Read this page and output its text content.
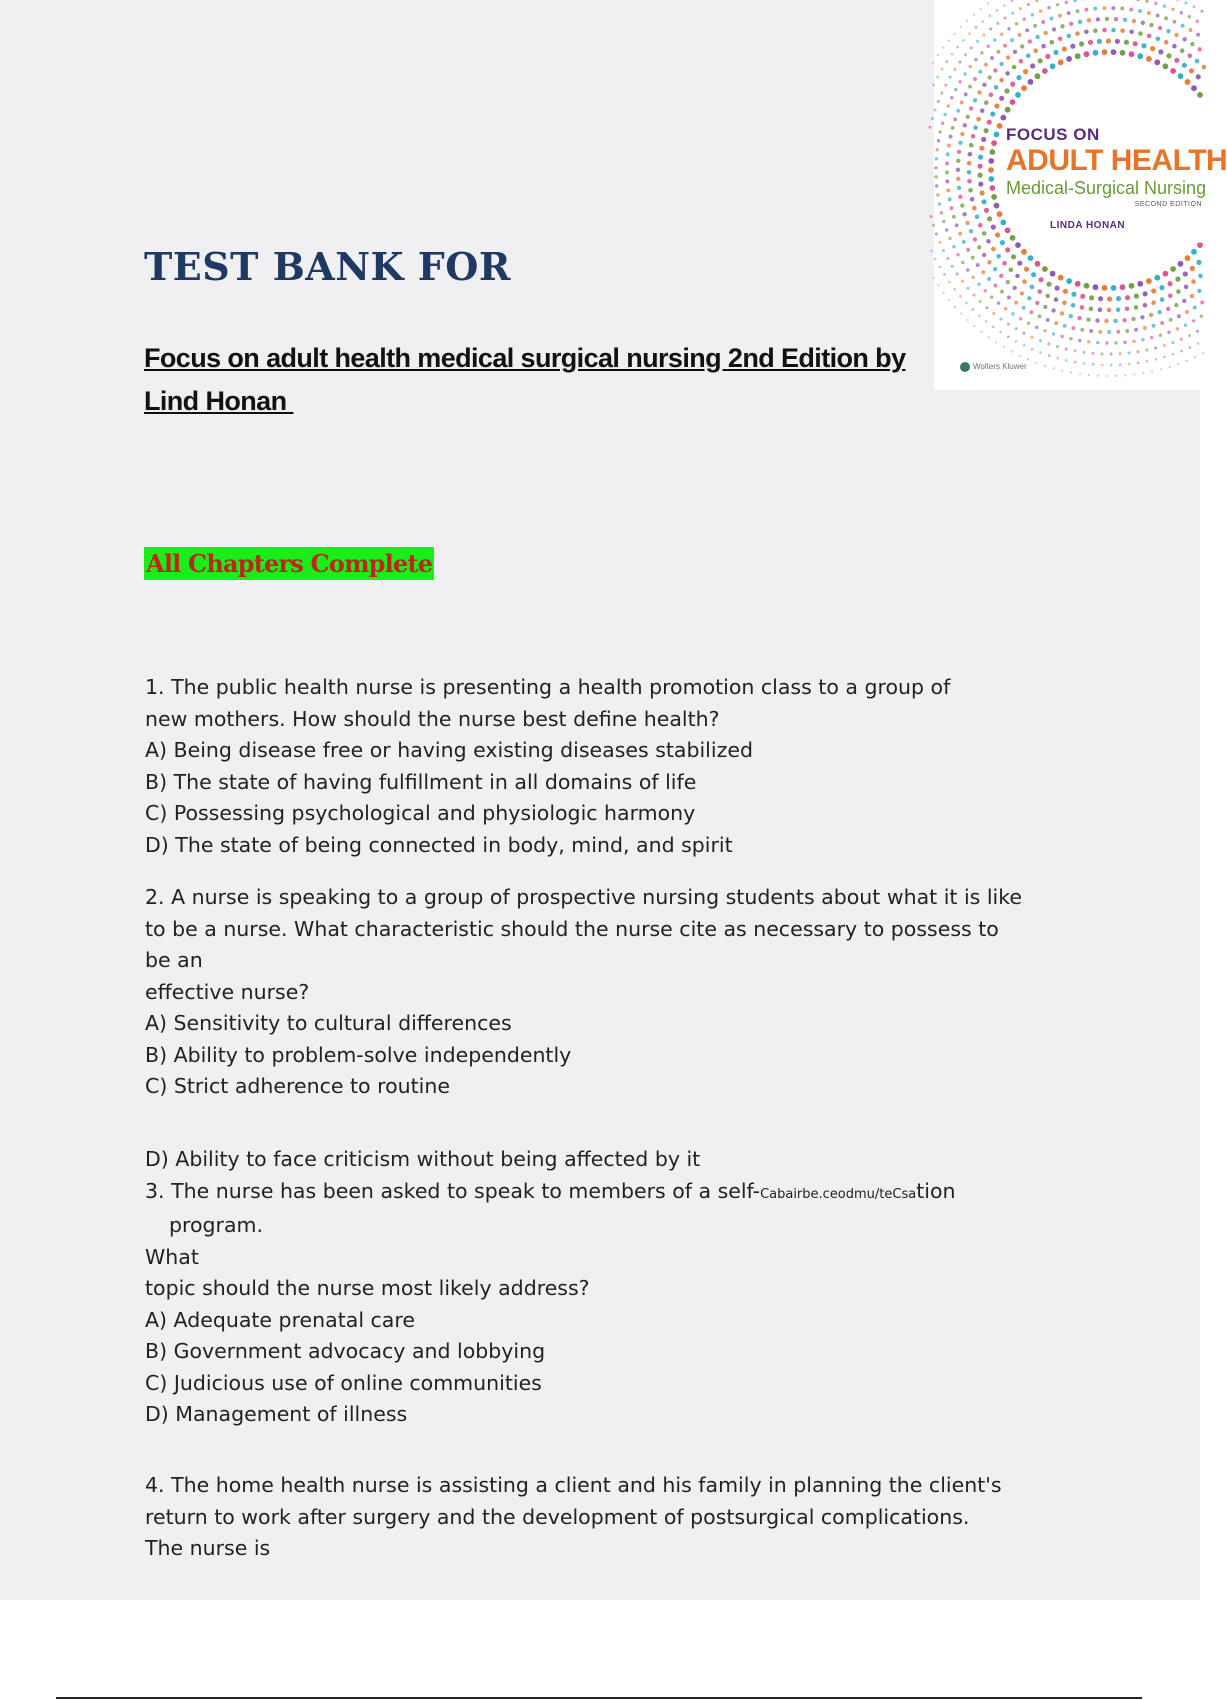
FOCUS ON
ADULT HEALTH
Medical-Surgical Nursing
SECOND EDITION
LINDA HONAN
Wolters Kluwer
TEST BANK FOR
Focus on adult health medical surgical nursing 2nd Edition by
Lind Honan
All Chapters Complete
1. The public health nurse is presenting a health promotion class to a group of
new mothers. How should the nurse best define health?
A) Being disease free or having existing diseases stabilized
B) The state of having fulfillment in all domains of life
C) Possessing psychological and physiologic harmony
D) The state of being connected in body, mind, and spirit
2. A nurse is speaking to a group of prospective nursing students about what it is like
to be a nurse. What characteristic should the nurse cite as necessary to possess to
be an
effective nurse?
A) Sensitivity to cultural differences
B) Ability to problem-solve independently
C) Strict adherence to routine
D) Ability to face criticism without being affected by it
3. The nurse has been asked to speak to members of a self-Cabairbe.ceodmu/teCsation
program.
What
topic should the nurse most likely address?
A) Adequate prenatal care
B) Government advocacy and lobbying
C) Judicious use of online communities
D) Management of illness
4. The home health nurse is assisting a client and his family in planning the client's
return to work after surgery and the development of postsurgical complications.
The nurse is
